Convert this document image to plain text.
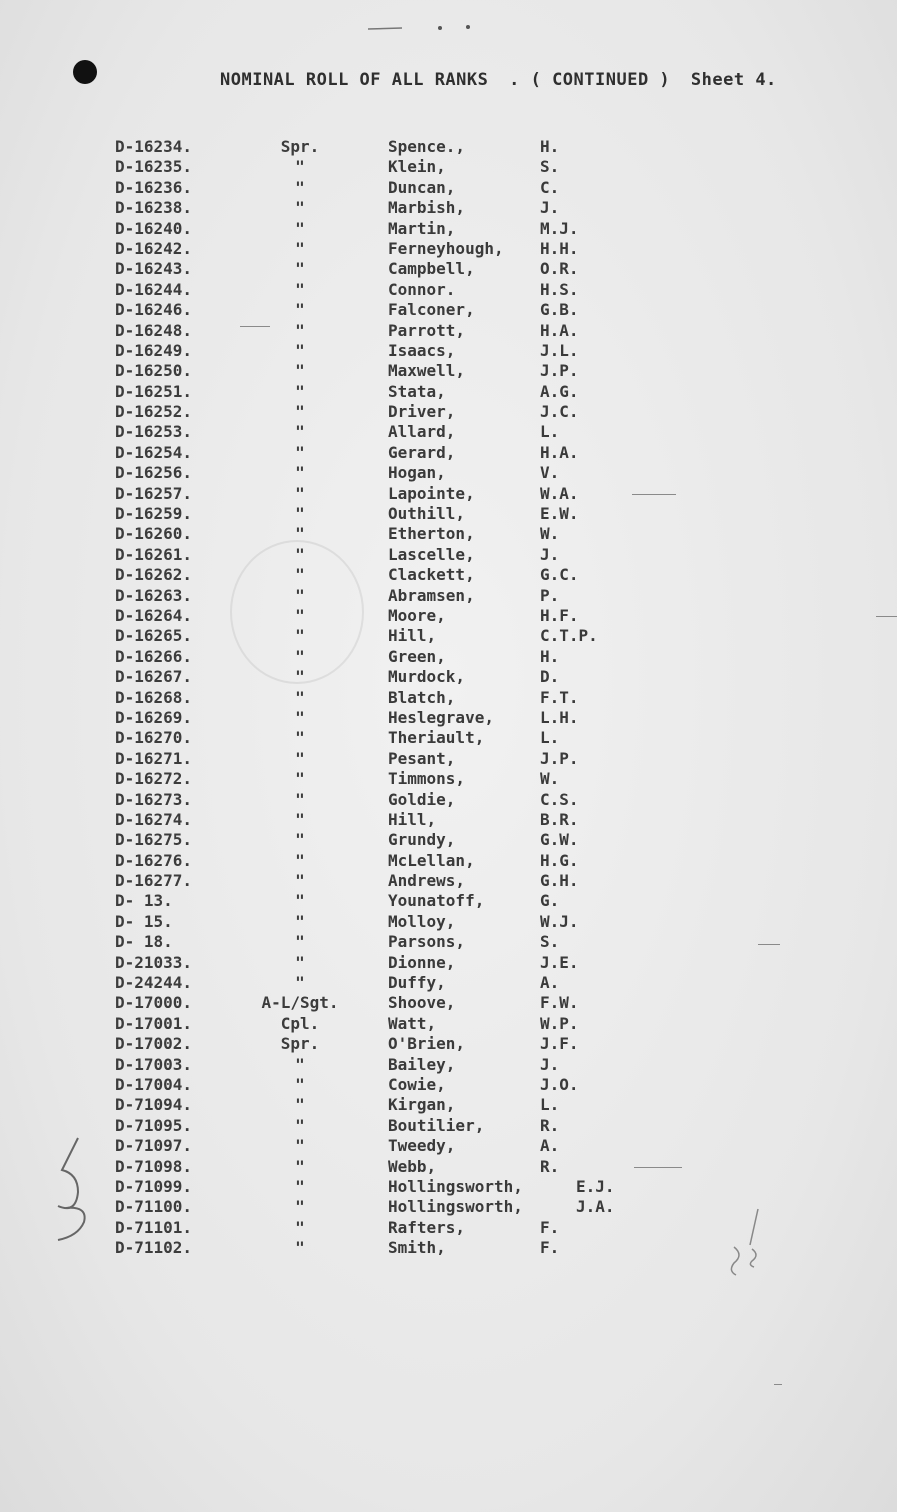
NOMINAL ROLL OF ALL RANKS . ( CONTINUED ) Sheet 4.
D-16234.	Spr.	Spence.,	H.
D-16235.	"	Klein,	S.
D-16236.	"	Duncan,	C.
D-16238.	"	Marbish,	J.
D-16240.	"	Martin,	M.J.
D-16242.	"	Ferneyhough, H.H.
D-16243.	"	Campbell,	O.R.
D-16244.	"	Connor.	H.S.
D-16246.	"	Falconer,	G.B.
D-16248.	"	Parrott,	H.A.
D-16249.	"	Isaacs,	J.L.
D-16250.	"	Maxwell,	J.P.
D-16251.	"	Stata,	A.G.
D-16252.	"	Driver,	J.C.
D-16253.	"	Allard,	L.
D-16254.	"	Gerard,	H.A.
D-16256.	"	Hogan,	V.
D-16257.	"	Lapointe,	W.A.
D-16259.	"	Outhill,	E.W.
D-16260.	"	Etherton,	W.
D-16261.	"	Lascelle,	J.
D-16262.	"	Clackett,	G.C.
D-16263.	"	Abramsen,	P.
D-16264.	"	Moore,	H.F.
D-16265.	"	Hill,	C.T.P.
D-16266.	"	Green,	H.
D-16267.	"	Murdock,	D.
D-16268.	"	Blatch,	F.T.
D-16269.	"	Heslegrave,	L.H.
D-16270.	"	Theriault,	L.
D-16271.	"	Pesant,	J.P.
D-16272.	"	Timmons,	W.
D-16273.	"	Goldie,	C.S.
D-16274.	"	Hill,	B.R.
D-16275.	"	Grundy,	G.W.
D-16276.	"	McLellan,	H.G.
D-16277.	"	Andrews,	G.H.
D- 13.	"	Younatoff,	G.
D- 15.	"	Molloy,	W.J.
D- 18.	"	Parsons,	S.
D-21033.	"	Dionne,	J.E.
D-24244.	"	Duffy,	A.
D-17000.	A-L/Sgt.	Shoove,	F.W.
D-17001.	Cpl.	Watt,	W.P.
D-17002.	Spr.	O'Brien,	J.F.
D-17003.	"	Bailey,	J.
D-17004.	"	Cowie,	J.O.
D-71094.	"	Kirgan,	L.
D-71095.	"	Boutilier,	R.
D-71097.	"	Tweedy,	A.
D-71098.	"	Webb,	R.
D-71099.	"	Hollingsworth,	E.J.
D-71100.	"	Hollingsworth,	J.A.
D-71101.	"	Rafters,	F.
D-71102.	"	Smith,	F.
